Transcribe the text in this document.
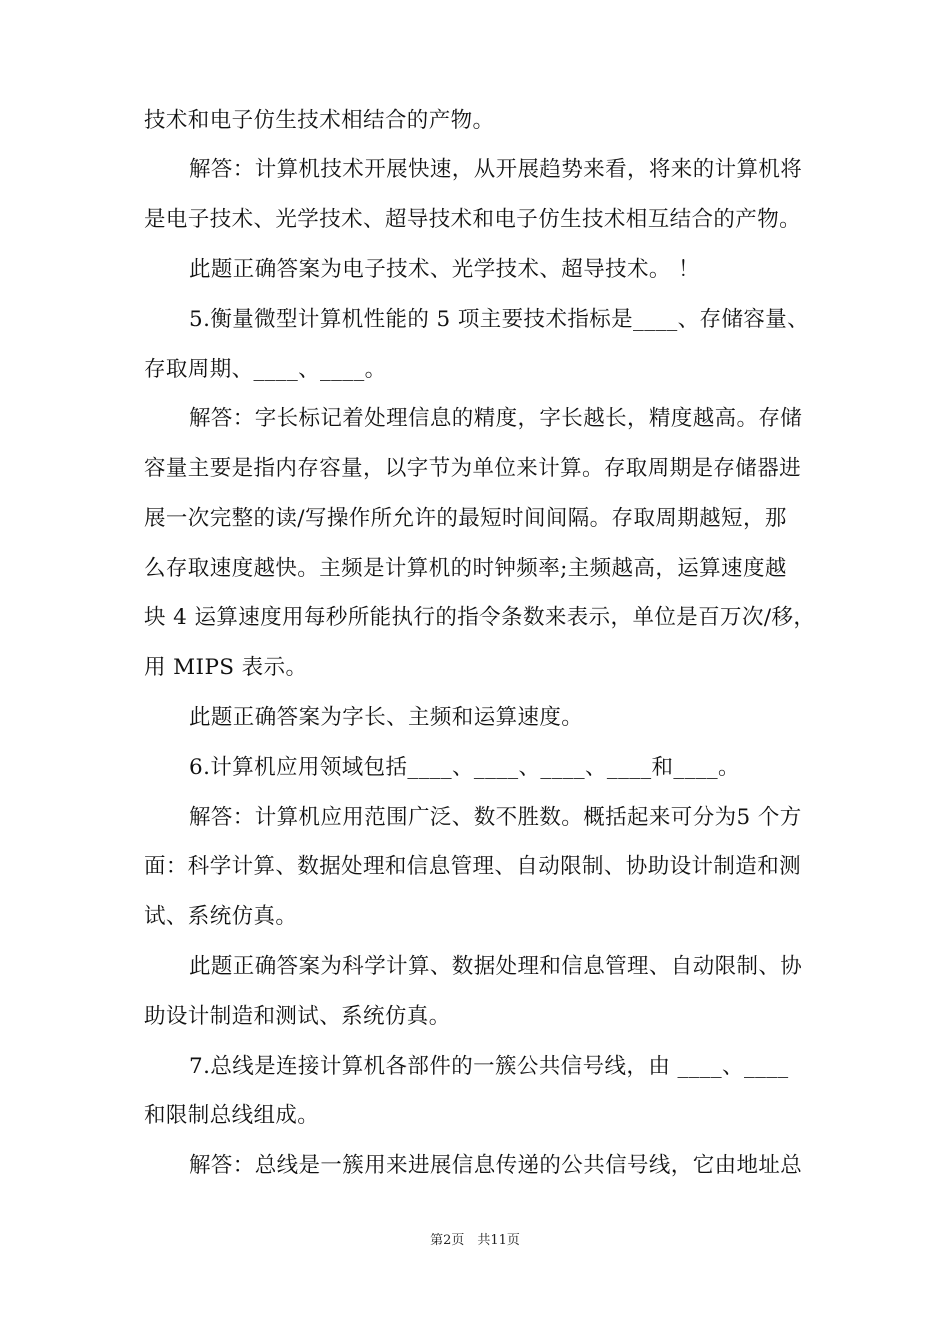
技术和电子仿生技术相结合的产物。
解答：计算机技术开展快速，从开展趋势来看，将来的计算机将
是电子技术、光学技术、超导技术和电子仿生技术相互结合的产物。
此题正确答案为电子技术、光学技术、超导技术。 ！
5.衡量微型计算机性能的 5 项主要技术指标是____、存储容量、
存取周期、____、____。
解答：字长标记着处理信息的精度，字长越长，精度越高。存储
容量主要是指内存容量，以字节为单位来计算。存取周期是存储器进
展一次完整的读/写操作所允许的最短时间间隔。存取周期越短，那
么存取速度越快。主频是计算机的时钟频率;主频越高，运算速度越
块 4 运算速度用每秒所能执行的指令条数来表示，单位是百万次/移，
用 MIPS 表示。
此题正确答案为字长、主频和运算速度。
6.计算机应用领域包括____、____、____、____和____。
解答：计算机应用范围广泛、数不胜数。概括起来可分为5 个方
面：科学计算、数据处理和信息管理、自动限制、协助设计制造和测
试、系统仿真。
此题正确答案为科学计算、数据处理和信息管理、自动限制、协
助设计制造和测试、系统仿真。
7.总线是连接计算机各部件的一簇公共信号线，由 ____、____
和限制总线组成。
解答：总线是一簇用来进展信息传递的公共信号线，它由地址总
第2页　共11页
